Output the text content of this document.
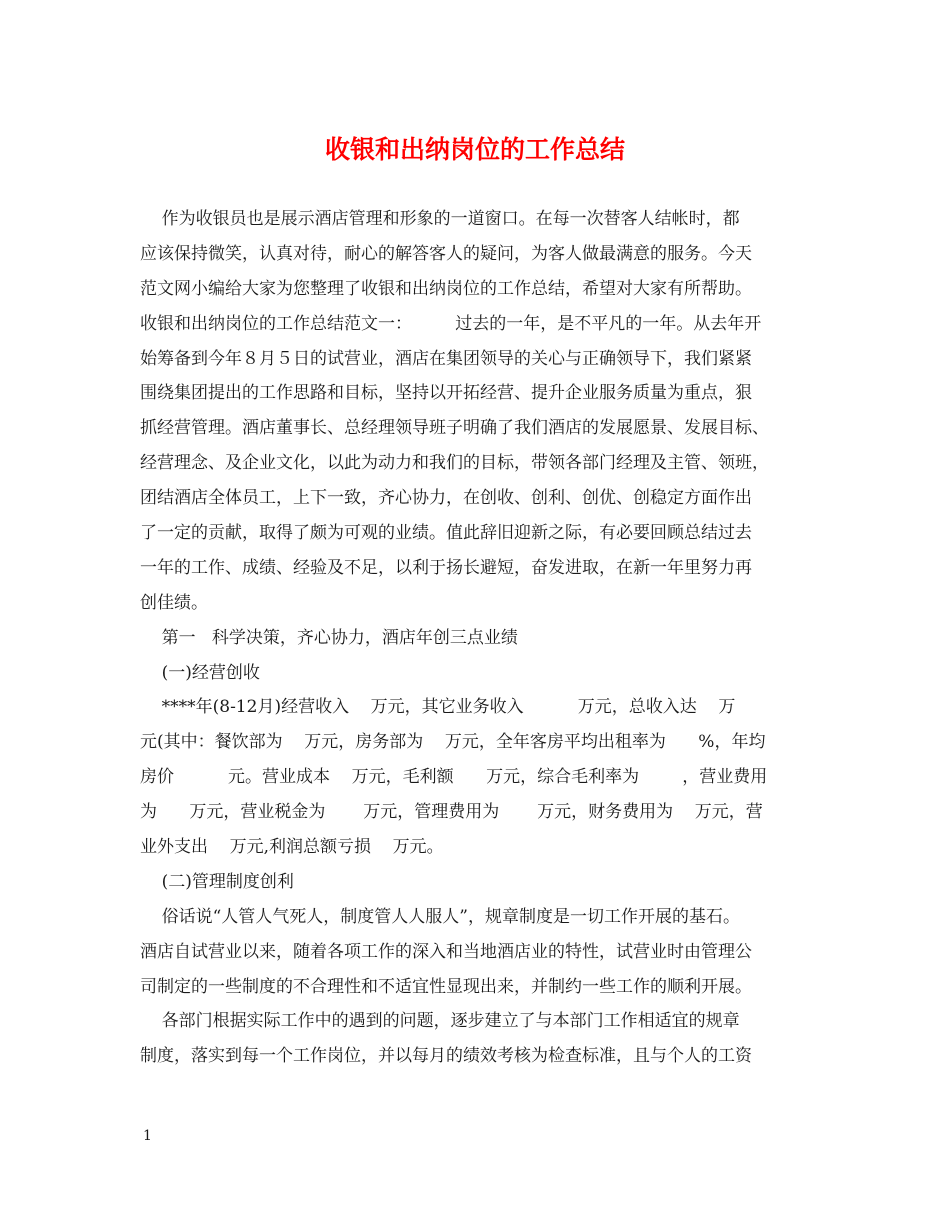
收银和出纳岗位的工作总结
作为收银员也是展示酒店管理和形象的一道窗口。在每一次替客人结帐时，都
应该保持微笑，认真对待，耐心的解答客人的疑问，为客人做最满意的服务。今天
范文网小编给大家为您整理了收银和出纳岗位的工作总结，希望对大家有所帮助。
收银和出纳岗位的工作总结范文一：        过去的一年，是不平凡的一年。从去年开
始筹备到今年８月５日的试营业，酒店在集团领导的关心与正确领导下，我们紧紧
围绕集团提出的工作思路和目标，坚持以开拓经营、提升企业服务质量为重点，狠
抓经营管理。酒店董事长、总经理领导班子明确了我们酒店的发展愿景、发展目标、
经营理念、及企业文化，以此为动力和我们的目标，带领各部门经理及主管、领班，
团结酒店全体员工，上下一致，齐心协力，在创收、创利、创优、创稳定方面作出
了一定的贡献，取得了颇为可观的业绩。值此辞旧迎新之际，有必要回顾总结过去
一年的工作、成绩、经验及不足，以利于扬长避短，奋发进取，在新一年里努力再
创佳绩。
第一   科学决策，齐心协力，酒店年创三点业绩
(一)经营创收
****年(8-12月)经营收入    万元，其它业务收入          万元，总收入达    万
元(其中：餐饮部为    万元，房务部为    万元，全年客房平均出租率为      %，年均
房价          元。营业成本    万元，毛利额      万元，综合毛利率为        ，营业费用
为      万元，营业税金为       万元，管理费用为       万元，财务费用为    万元，营
业外支出    万元,利润总额亏损    万元。
(二)管理制度创利
俗话说“人管人气死人，制度管人人服人”，规章制度是一切工作开展的基石。
酒店自试营业以来，随着各项工作的深入和当地酒店业的特性，试营业时由管理公
司制定的一些制度的不合理性和不适宜性显现出来，并制约一些工作的顺利开展。
各部门根据实际工作中的遇到的问题，逐步建立了与本部门工作相适宜的规章
制度，落实到每一个工作岗位，并以每月的绩效考核为检查标准，且与个人的工资
1
